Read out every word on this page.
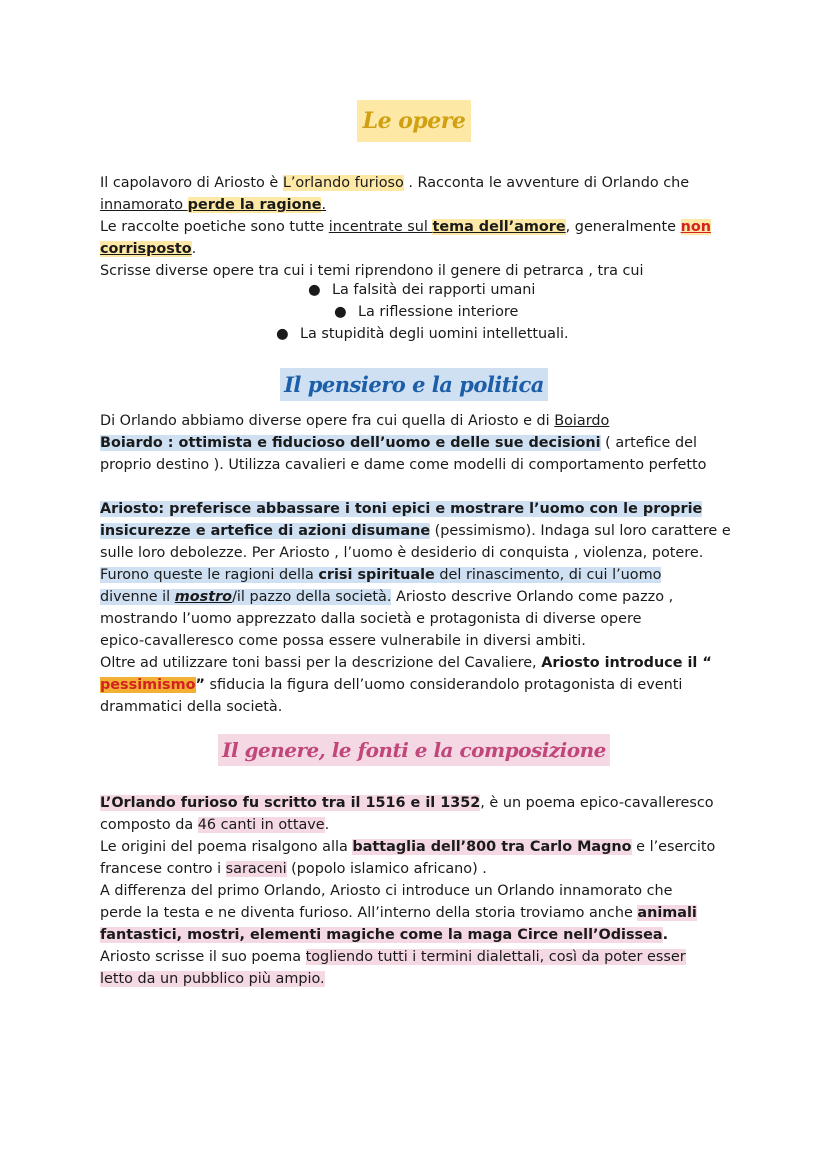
Le opere
Il capolavoro di Ariosto è L’orlando furioso . Racconta le avventure di Orlando che
innamorato perde la ragione.
Le raccolte poetiche sono tutte incentrate sul tema dell’amore, generalmente non
corrisposto.
Scrisse diverse opere tra cui i temi riprendono il genere di petrarca , tra cui
● La falsità dei rapporti umani
● La riflessione interiore
● La stupidità degli uomini intellettuali.
Il pensiero e la politica
Di Orlando abbiamo diverse opere fra cui quella di Ariosto e di Boiardo
Boiardo : ottimista e fiducioso dell’uomo e delle sue decisioni ( artefice del
proprio destino ). Utilizza cavalieri e dame come modelli di comportamento perfetto
Ariosto: preferisce abbassare i toni epici e mostrare l’uomo con le proprie
insicurezze e artefice di azioni disumane (pessimismo). Indaga sul loro carattere e
sulle loro debolezze. Per Ariosto , l’uomo è desiderio di conquista , violenza, potere.
Furono queste le ragioni della crisi spirituale del rinascimento, di cui l’uomo
divenne il mostro/il pazzo della società. Ariosto descrive Orlando come pazzo ,
mostrando l’uomo apprezzato dalla società e protagonista di diverse opere
epico-cavalleresco come possa essere vulnerabile in diversi ambiti.
Oltre ad utilizzare toni bassi per la descrizione del Cavaliere, Ariosto introduce il “
pessimismo” sfiducia la figura dell’uomo considerandolo protagonista di eventi
drammatici della società.
Il genere, le fonti e la composizione
L’Orlando furioso fu scritto tra il 1516 e il 1352, è un poema epico-cavalleresco
composto da 46 canti in ottave.
Le origini del poema risalgono alla battaglia dell’800 tra Carlo Magno e l’esercito
francese contro i saraceni (popolo islamico africano) .
A differenza del primo Orlando, Ariosto ci introduce un Orlando innamorato che
perde la testa e ne diventa furioso. All’interno della storia troviamo anche animali
fantastici, mostri, elementi magiche come la maga Circe nell’Odissea.
Ariosto scrisse il suo poema togliendo tutti i termini dialettali, così da poter esser
letto da un pubblico più ampio.
